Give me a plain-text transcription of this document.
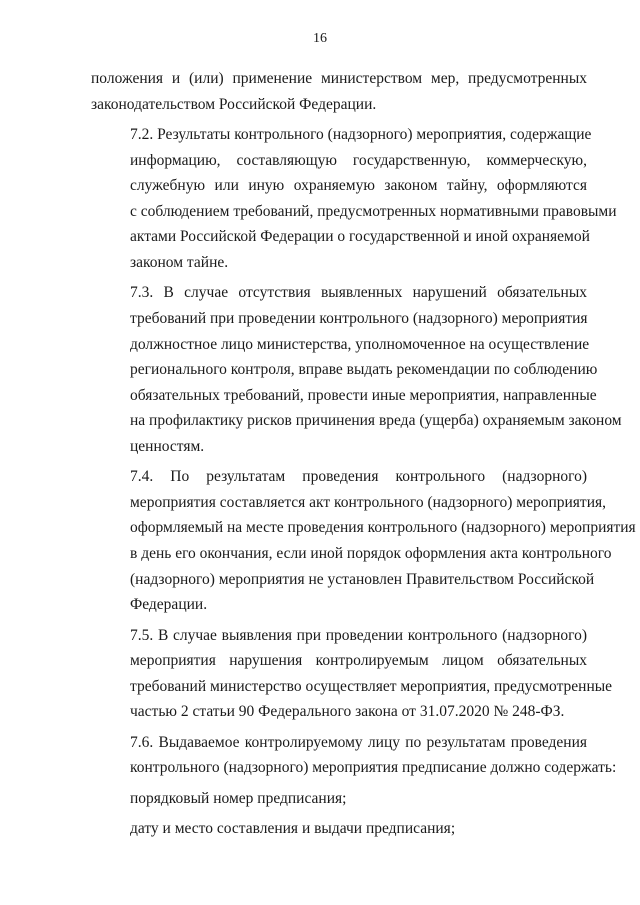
16
положения и (или) применение министерством мер, предусмотренных
законодательством Российской Федерации.
7.2. Результаты контрольного (надзорного) мероприятия, содержащие
информацию, составляющую государственную, коммерческую,
служебную или иную охраняемую законом тайну, оформляются
с соблюдением требований, предусмотренных нормативными правовыми
актами Российской Федерации о государственной и иной охраняемой
законом тайне.
7.3. В случае отсутствия выявленных нарушений обязательных
требований при проведении контрольного (надзорного) мероприятия
должностное лицо министерства, уполномоченное на осуществление
регионального контроля, вправе выдать рекомендации по соблюдению
обязательных требований, провести иные мероприятия, направленные
на профилактику рисков причинения вреда (ущерба) охраняемым законом
ценностям.
7.4. По результатам проведения контрольного (надзорного)
мероприятия составляется акт контрольного (надзорного) мероприятия,
оформляемый на месте проведения контрольного (надзорного) мероприятия
в день его окончания, если иной порядок оформления акта контрольного
(надзорного) мероприятия не установлен Правительством Российской
Федерации.
7.5. В случае выявления при проведении контрольного (надзорного)
мероприятия нарушения контролируемым лицом обязательных
требований министерство осуществляет мероприятия, предусмотренные
частью 2 статьи 90 Федерального закона от 31.07.2020 № 248-ФЗ.
7.6. Выдаваемое контролируемому лицу по результатам проведения
контрольного (надзорного) мероприятия предписание должно содержать:
порядковый номер предписания;
дату и место составления и выдачи предписания;
